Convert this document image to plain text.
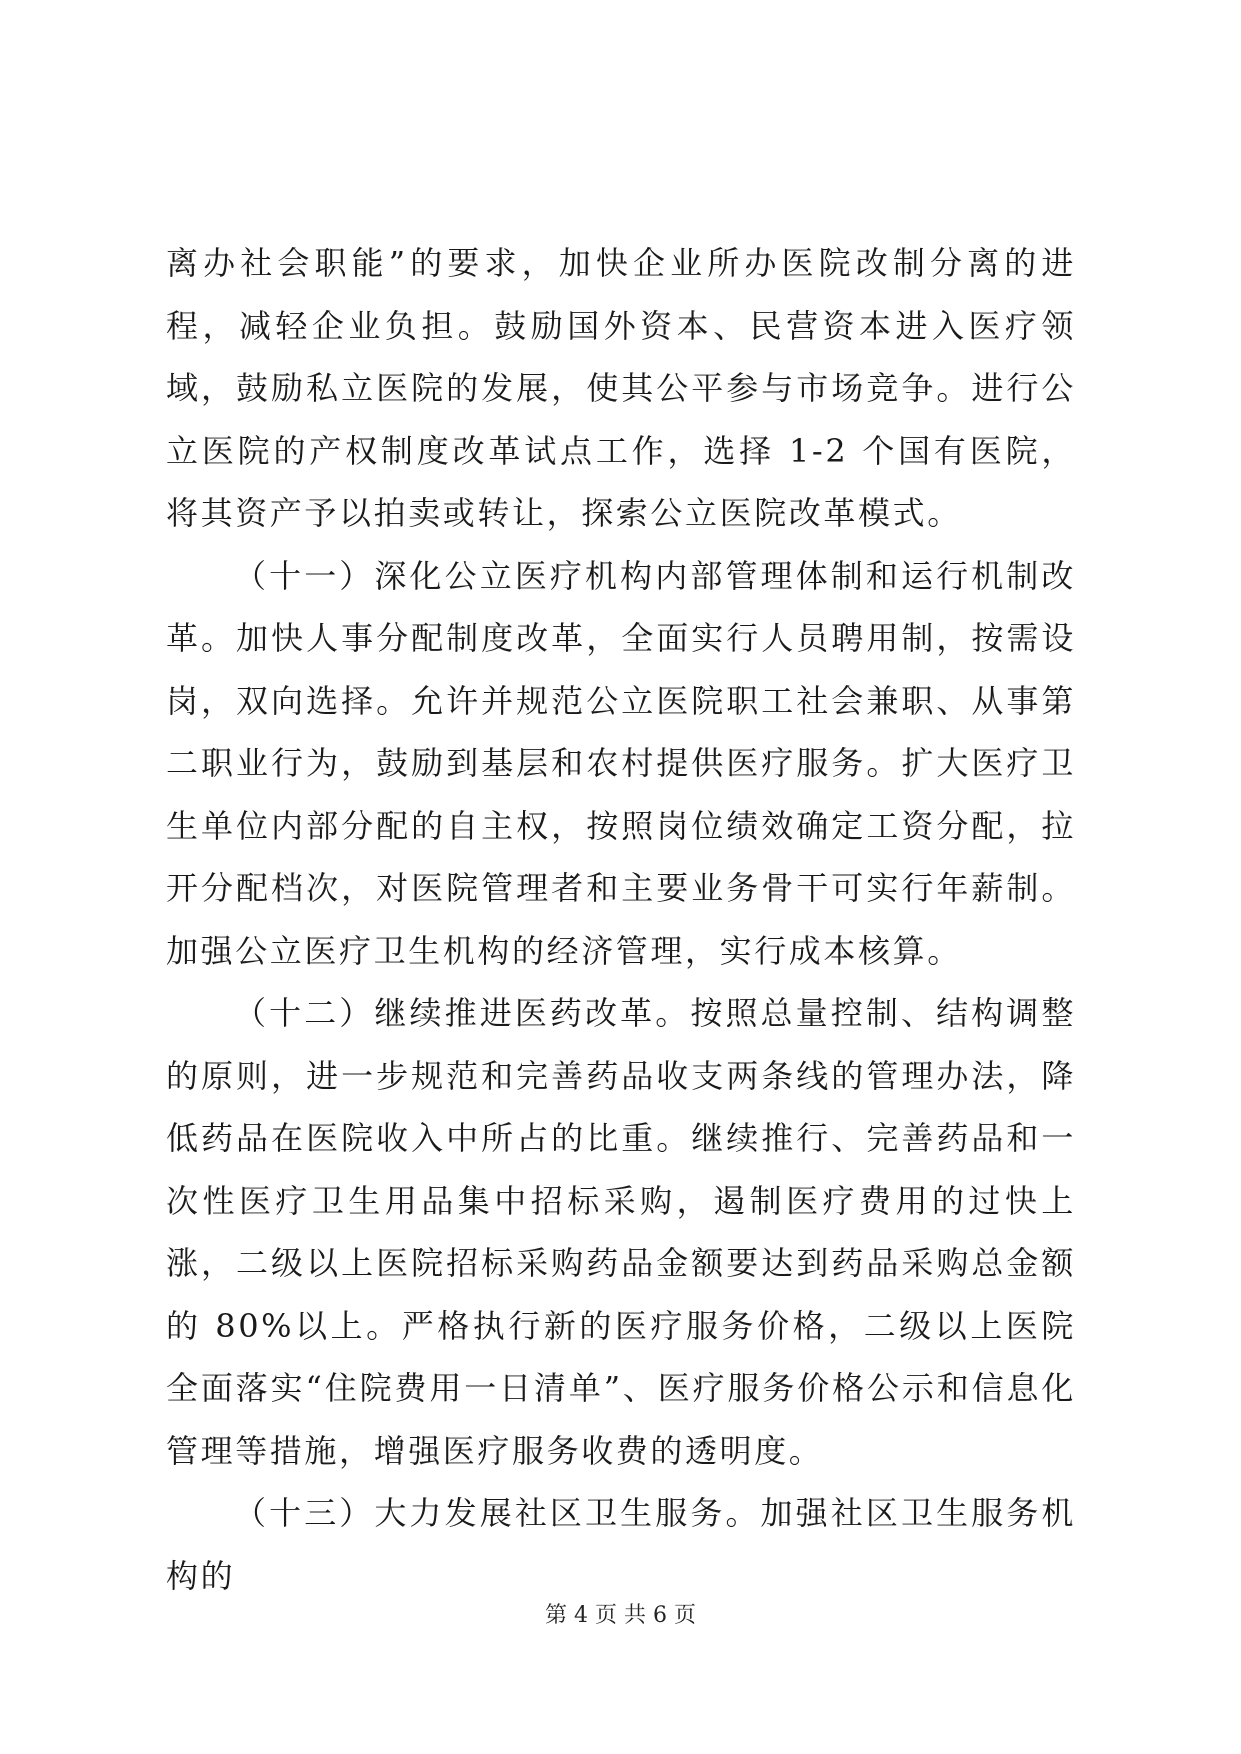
离办社会职能”的要求，加快企业所办医院改制分离的进程，减轻企业负担。鼓励国外资本、民营资本进入医疗领域，鼓励私立医院的发展，使其公平参与市场竞争。进行公立医院的产权制度改革试点工作，选择 1-2 个国有医院，将其资产予以拍卖或转让，探索公立医院改革模式。

（十一）深化公立医疗机构内部管理体制和运行机制改革。加快人事分配制度改革，全面实行人员聘用制，按需设岗，双向选择。允许并规范公立医院职工社会兼职、从事第二职业行为，鼓励到基层和农村提供医疗服务。扩大医疗卫生单位内部分配的自主权，按照岗位绩效确定工资分配，拉开分配档次，对医院管理者和主要业务骨干可实行年薪制。加强公立医疗卫生机构的经济管理，实行成本核算。

（十二）继续推进医药改革。按照总量控制、结构调整的原则，进一步规范和完善药品收支两条线的管理办法，降低药品在医院收入中所占的比重。继续推行、完善药品和一次性医疗卫生用品集中招标采购，遏制医疗费用的过快上涨，二级以上医院招标采购药品金额要达到药品采购总金额的 80%以上。严格执行新的医疗服务价格，二级以上医院全面落实“住院费用一日清单”、医疗服务价格公示和信息化管理等措施，增强医疗服务收费的透明度。

（十三）大力发展社区卫生服务。加强社区卫生服务机构的

第 4 页 共 6 页
